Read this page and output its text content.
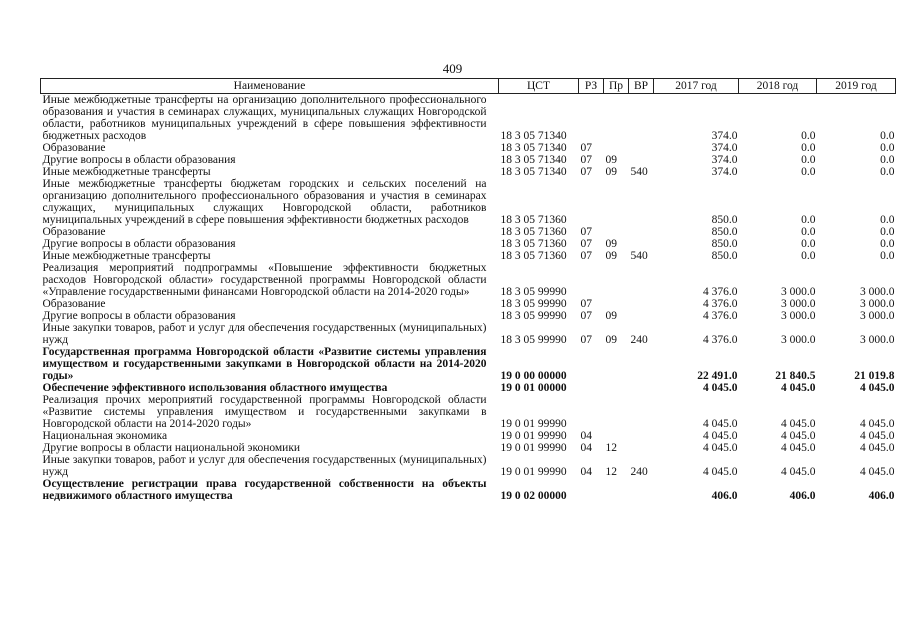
409
Наименование	ЦСТ	РЗ	Пр	ВР	2017 год	2018 год	2019 год
Иные межбюджетные трансферты на организацию дополнительного профессионального образования и участия в семинарах служащих, муниципальных служащих Новгородской области, работников муниципальных учреждений в сфере повышения эффективности бюджетных расходов	18 3 05 71340				374.0	0.0	0.0
Образование	18 3 05 71340	07			374.0	0.0	0.0
Другие вопросы в области образования	18 3 05 71340	07	09		374.0	0.0	0.0
Иные межбюджетные трансферты	18 3 05 71340	07	09	540	374.0	0.0	0.0
Иные межбюджетные трансферты бюджетам городских и сельских поселений на организацию дополнительного профессионального образования и участия в семинарах служащих, муниципальных служащих Новгородской области, работников муниципальных учреждений в сфере повышения эффективности бюджетных расходов	18 3 05 71360				850.0	0.0	0.0
Образование	18 3 05 71360	07			850.0	0.0	0.0
Другие вопросы в области образования	18 3 05 71360	07	09		850.0	0.0	0.0
Иные межбюджетные трансферты	18 3 05 71360	07	09	540	850.0	0.0	0.0
Реализация мероприятий подпрограммы «Повышение эффективности бюджетных расходов Новгородской области» государственной программы Новгородской области «Управление государственными финансами Новгородской области на 2014-2020 годы»	18 3 05 99990				4 376.0	3 000.0	3 000.0
Образование	18 3 05 99990	07			4 376.0	3 000.0	3 000.0
Другие вопросы в области образования	18 3 05 99990	07	09		4 376.0	3 000.0	3 000.0
Иные закупки товаров, работ и услуг для обеспечения государственных (муниципальных) нужд	18 3 05 99990	07	09	240	4 376.0	3 000.0	3 000.0
Государственная программа Новгородской области «Развитие системы управления имуществом и государственными закупками в Новгородской области на 2014-2020 годы»	19 0 00 00000				22 491.0	21 840.5	21 019.8
Обеспечение эффективного использования областного имущества	19 0 01 00000				4 045.0	4 045.0	4 045.0
Реализация прочих мероприятий государственной программы Новгородской области «Развитие системы управления имуществом и государственными закупками в Новгородской области на 2014-2020 годы»	19 0 01 99990				4 045.0	4 045.0	4 045.0
Национальная экономика	19 0 01 99990	04			4 045.0	4 045.0	4 045.0
Другие вопросы в области национальной экономики	19 0 01 99990	04	12		4 045.0	4 045.0	4 045.0
Иные закупки товаров, работ и услуг для обеспечения государственных (муниципальных) нужд	19 0 01 99990	04	12	240	4 045.0	4 045.0	4 045.0
Осуществление регистрации права государственной собственности на объекты недвижимого областного имущества	19 0 02 00000				406.0	406.0	406.0
